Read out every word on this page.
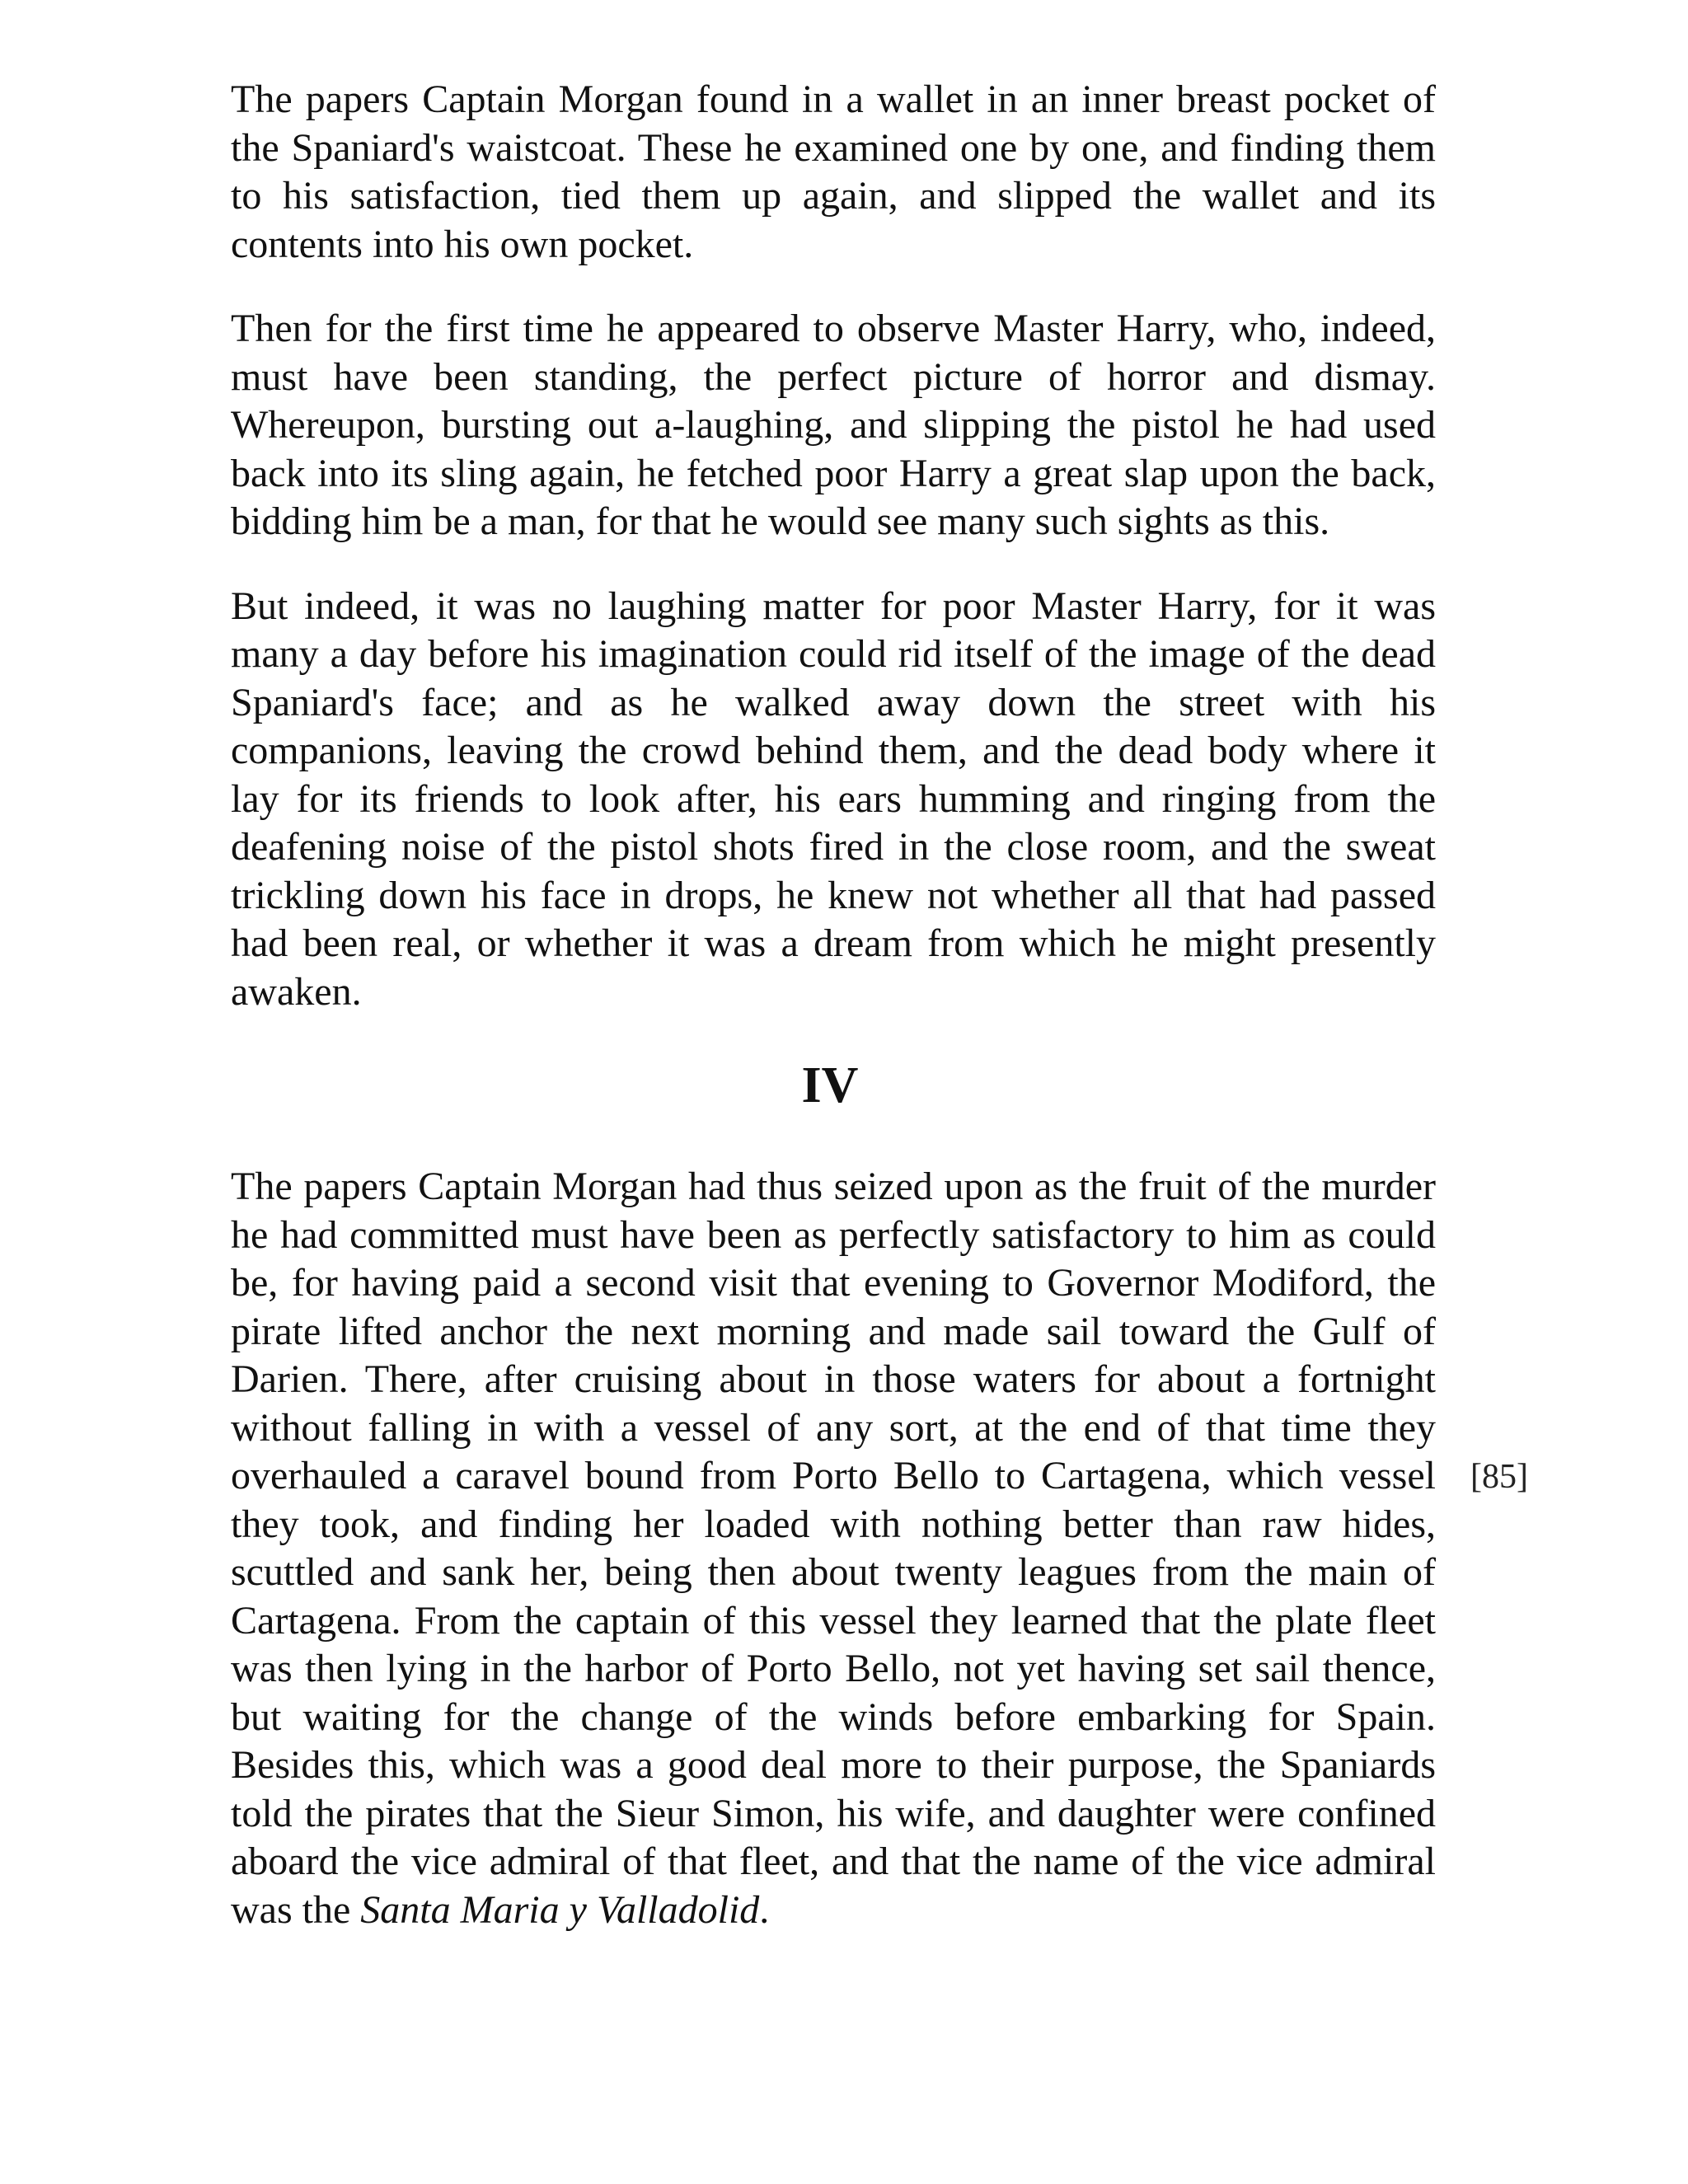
The papers Captain Morgan found in a wallet in an inner breast pocket of the Spaniard's waistcoat. These he examined one by one, and finding them to his satisfaction, tied them up again, and slipped the wallet and its contents into his own pocket.

Then for the first time he appeared to observe Master Harry, who, indeed, must have been standing, the perfect picture of horror and dismay. Whereupon, bursting out a-laughing, and slipping the pistol he had used back into its sling again, he fetched poor Harry a great slap upon the back, bidding him be a man, for that he would see many such sights as this.

But indeed, it was no laughing matter for poor Master Harry, for it was many a day before his imagination could rid itself of the image of the dead Spaniard's face; and as he walked away down the street with his companions, leaving the crowd behind them, and the dead body where it lay for its friends to look after, his ears humming and ringing from the deafening noise of the pistol shots fired in the close room, and the sweat trickling down his face in drops, he knew not whether all that had passed had been real, or whether it was a dream from which he might presently awaken.

IV

The papers Captain Morgan had thus seized upon as the fruit of the murder he had committed must have been as perfectly satisfactory to him as could be, for having paid a second visit that evening to Governor Modiford, the pirate lifted anchor the next morning and made sail toward the Gulf of Darien. There, after cruising about in those waters for about a fortnight without falling in with a vessel of any sort, at the end of that time they overhauled a caravel bound from Porto Bello to Cartagena, which vessel they took, and finding her loaded with nothing better than raw hides, scuttled and sank her, being then about twenty leagues from the main of Cartagena. From the captain of this vessel they learned that the plate fleet was then lying in the harbor of Porto Bello, not yet having set sail thence, but waiting for the change of the winds before embarking for Spain. Besides this, which was a good deal more to their purpose, the Spaniards told the pirates that the Sieur Simon, his wife, and daughter were confined aboard the vice admiral of that fleet, and that the name of the vice admiral was the Santa Maria y Valladolid.

[85]
